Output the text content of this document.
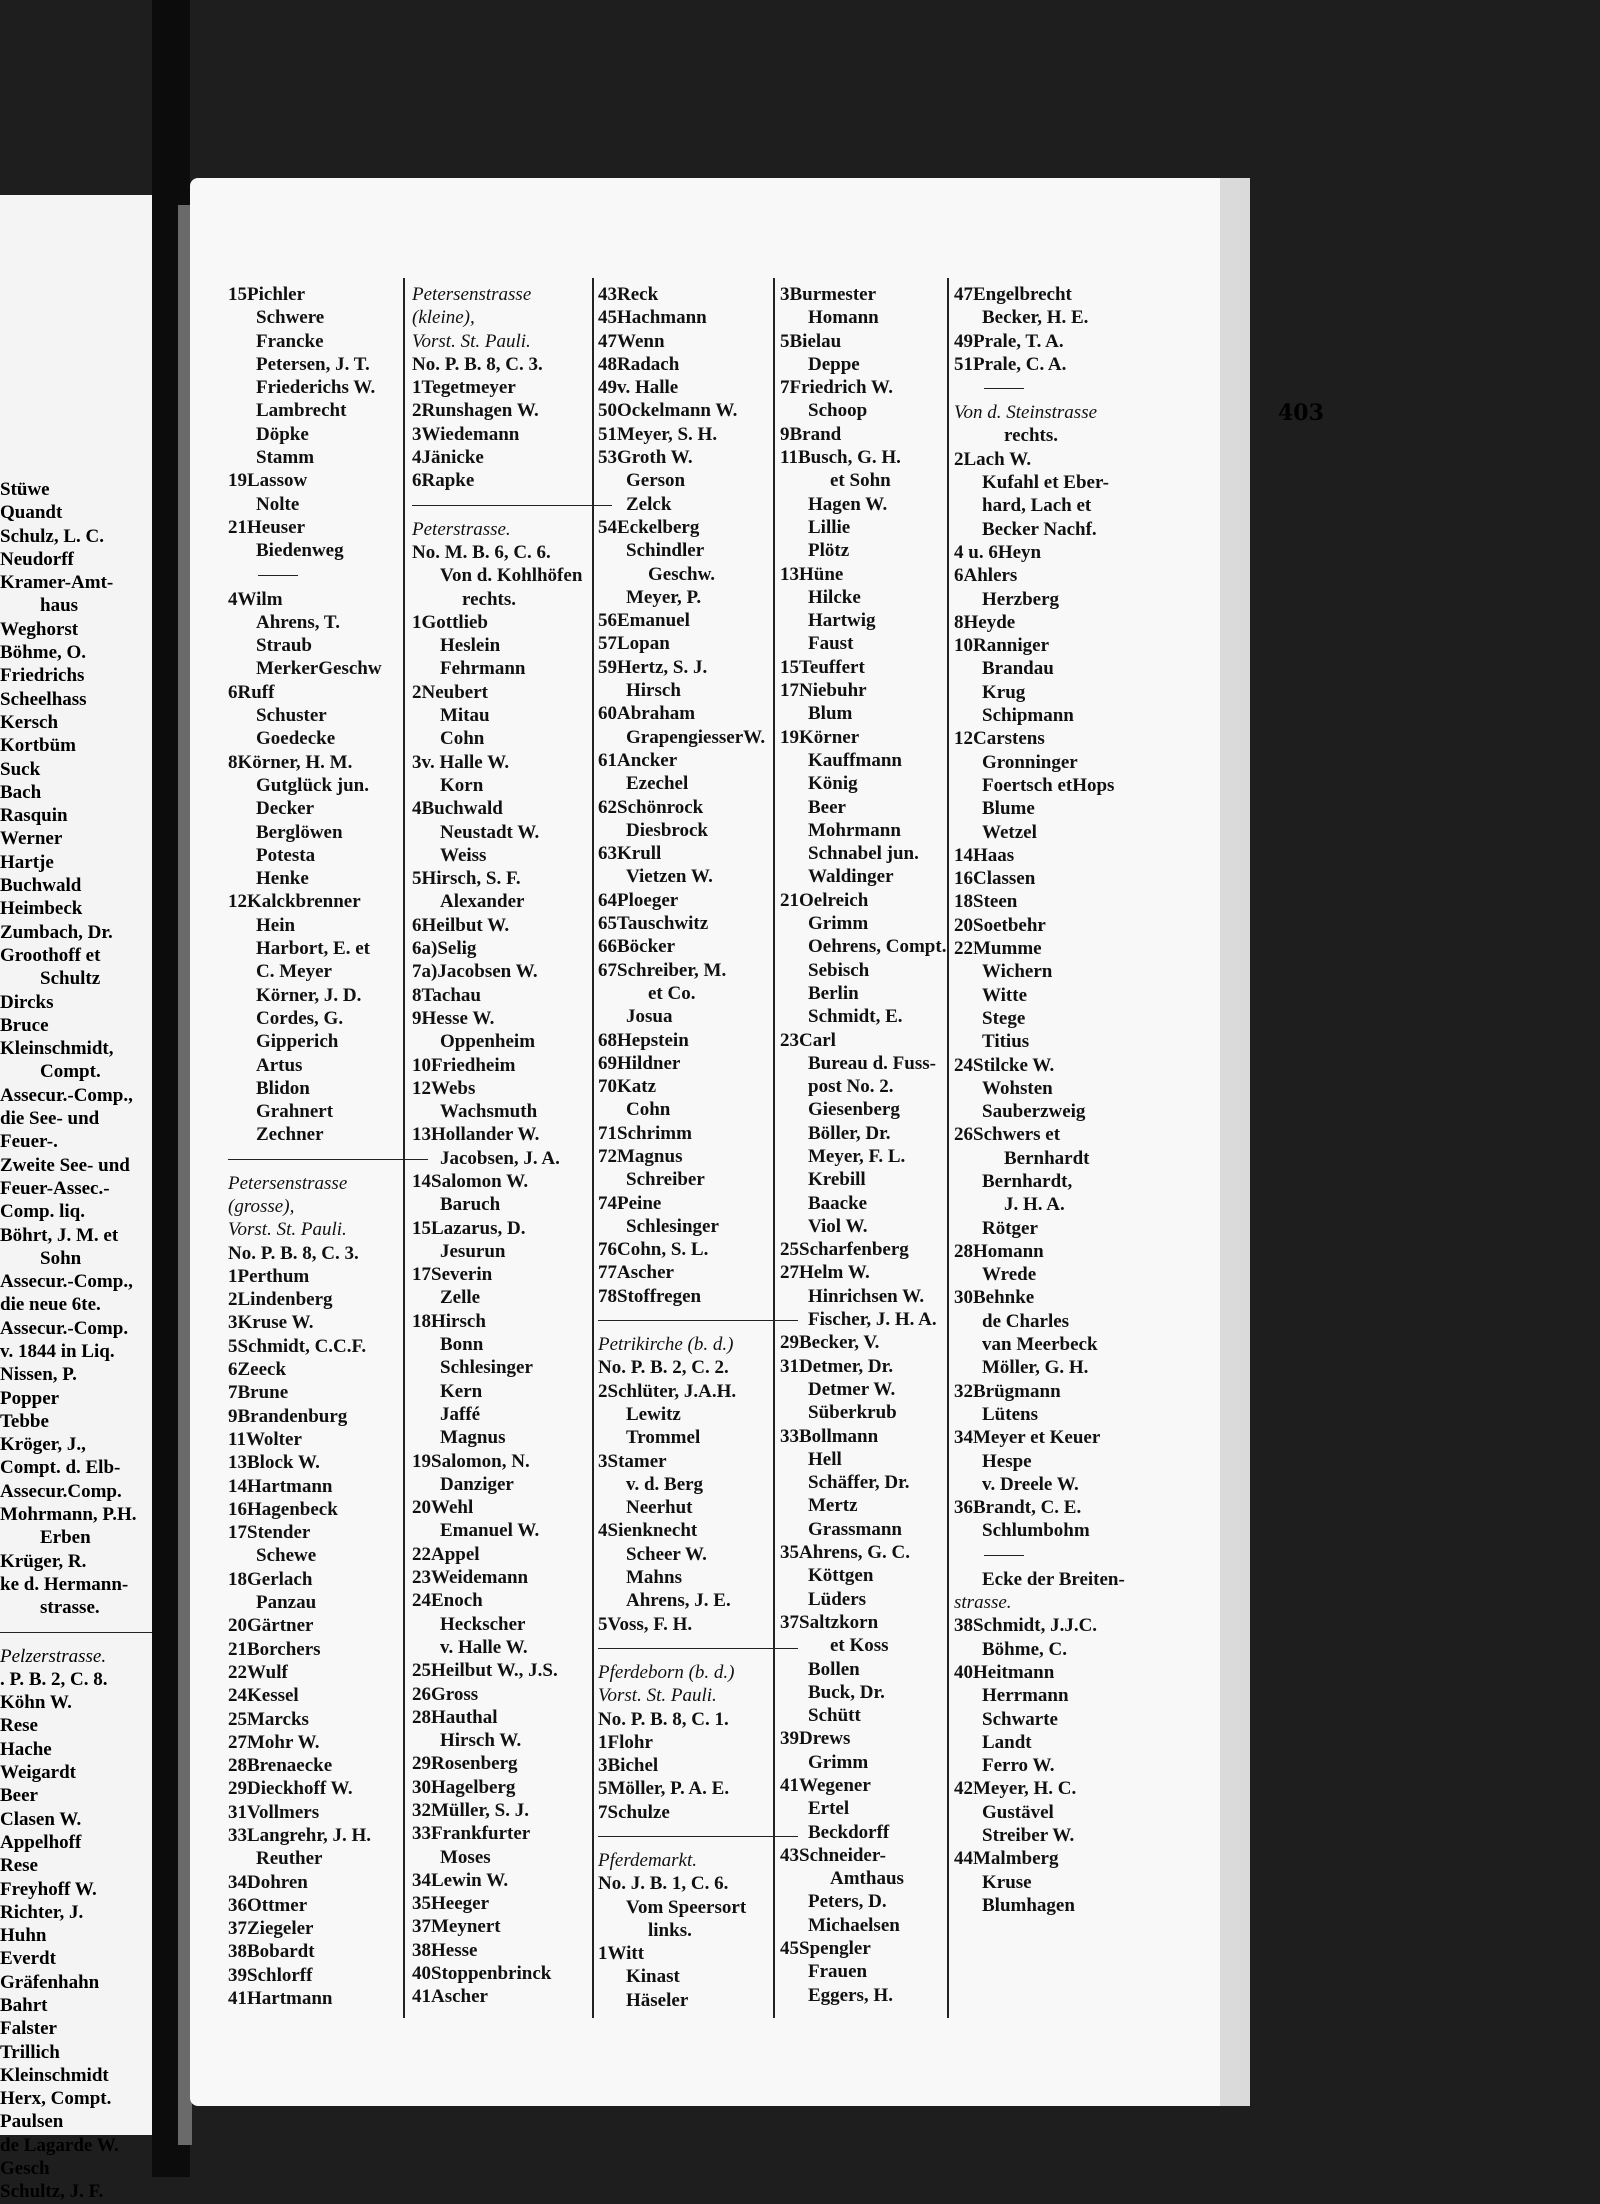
Stüwe
Quandt
Schulz, L. C.
Neudorff
Kramer-Amt-
haus
Weghorst
Böhme, O.
Friedrichs
Scheelhass
Kersch
Kortbüm
Suck
Bach
Rasquin
Werner
Hartje
Buchwald
Heimbeck
Zumbach, Dr.
Groothoff et
Schultz
Dircks
Bruce
Kleinschmidt,
Compt.
Assecur.-Comp.,
die See- und
Feuer-.
Zweite See- und
Feuer-Assec.-
Comp. liq.
Böhrt, J. M. et
Sohn
Assecur.-Comp.,
die neue 6te.
Assecur.-Comp.
v. 1844 in Liq.
Nissen, P.
Popper
Tebbe
Kröger, J.,
Compt. d. Elb-
Assecur.Comp.
Mohrmann, P.H.
Erben
Krüger, R.
ke d. Hermann-
strasse.
Pelzerstrasse.
. P. B. 2, C. 8.
Köhn W.
Rese
Hache
Weigardt
Beer
Clasen W.
Appelhoff
Rese
Freyhoff W.
Richter, J.
Huhn
Everdt
Gräfenhahn
Bahrt
Falster
Trillich
Kleinschmidt
Herx, Compt.
Paulsen
de Lagarde W.
Gesch
Schultz, J. F.
403
15Pichler
Schwere
Francke
Petersen, J. T.
Friederichs W.
Lambrecht
Döpke
Stamm
19Lassow
Nolte
21Heuser
Biedenweg
4Wilm
Ahrens, T.
Straub
MerkerGeschw
6Ruff
Schuster
Goedecke
8Körner, H. M.
Gutglück jun.
Decker
Berglöwen
Potesta
Henke
12Kalckbrenner
Hein
Harbort, E. et
C. Meyer
Körner, J. D.
Cordes, G.
Gipperich
Artus
Blidon
Grahnert
Zechner
Petersenstrasse
(grosse),
Vorst. St. Pauli.
No. P. B. 8, C. 3.
1Perthum
2Lindenberg
3Kruse W.
5Schmidt, C.C.F.
6Zeeck
7Brune
9Brandenburg
11Wolter
13Block W.
14Hartmann
16Hagenbeck
17Stender
Schewe
18Gerlach
Panzau
20Gärtner
21Borchers
22Wulf
24Kessel
25Marcks
27Mohr W.
28Brenaecke
29Dieckhoff W.
31Vollmers
33Langrehr, J. H.
Reuther
34Dohren
36Ottmer
37Ziegeler
38Bobardt
39Schlorff
41Hartmann
Petersenstrasse
(kleine),
Vorst. St. Pauli.
No. P. B. 8, C. 3.
1Tegetmeyer
2Runshagen W.
3Wiedemann
4Jänicke
6Rapke
Peterstrasse.
No. M. B. 6, C. 6.
Von d. Kohlhöfen
rechts.
1Gottlieb
Heslein
Fehrmann
2Neubert
Mitau
Cohn
3v. Halle W.
Korn
4Buchwald
Neustadt W.
Weiss
5Hirsch, S. F.
Alexander
6Heilbut W.
6a)Selig
7a)Jacobsen W.
8Tachau
9Hesse W.
Oppenheim
10Friedheim
12Webs
Wachsmuth
13Hollander W.
Jacobsen, J. A.
14Salomon W.
Baruch
15Lazarus, D.
Jesurun
17Severin
Zelle
18Hirsch
Bonn
Schlesinger
Kern
Jaffé
Magnus
19Salomon, N.
Danziger
20Wehl
Emanuel W.
22Appel
23Weidemann
24Enoch
Heckscher
v. Halle W.
25Heilbut W., J.S.
26Gross
28Hauthal
Hirsch W.
29Rosenberg
30Hagelberg
32Müller, S. J.
33Frankfurter
Moses
34Lewin W.
35Heeger
37Meynert
38Hesse
40Stoppenbrinck
41Ascher
43Reck
45Hachmann
47Wenn
48Radach
49v. Halle
50Ockelmann W.
51Meyer, S. H.
53Groth W.
Gerson
Zelck
54Eckelberg
Schindler
Geschw.
Meyer, P.
56Emanuel
57Lopan
59Hertz, S. J.
Hirsch
60Abraham
GrapengiesserW.
61Ancker
Ezechel
62Schönrock
Diesbrock
63Krull
Vietzen W.
64Ploeger
65Tauschwitz
66Böcker
67Schreiber, M.
et Co.
Josua
68Hepstein
69Hildner
70Katz
Cohn
71Schrimm
72Magnus
Schreiber
74Peine
Schlesinger
76Cohn, S. L.
77Ascher
78Stoffregen
Petrikirche (b. d.)
No. P. B. 2, C. 2.
2Schlüter, J.A.H.
Lewitz
Trommel
3Stamer
v. d. Berg
Neerhut
4Sienknecht
Scheer W.
Mahns
Ahrens, J. E.
5Voss, F. H.
Pferdeborn (b. d.)
Vorst. St. Pauli.
No. P. B. 8, C. 1.
1Flohr
3Bichel
5Möller, P. A. E.
7Schulze
Pferdemarkt.
No. J. B. 1, C. 6.
Vom Speersort
links.
1Witt
Kinast
Häseler
3Burmester
Homann
5Bielau
Deppe
7Friedrich W.
Schoop
9Brand
11Busch, G. H.
et Sohn
Hagen W.
Lillie
Plötz
13Hüne
Hilcke
Hartwig
Faust
15Teuffert
17Niebuhr
Blum
19Körner
Kauffmann
König
Beer
Mohrmann
Schnabel jun.
Waldinger
21Oelreich
Grimm
Oehrens, Compt.
Sebisch
Berlin
Schmidt, E.
23Carl
Bureau d. Fuss-
post No. 2.
Giesenberg
Böller, Dr.
Meyer, F. L.
Krebill
Baacke
Viol W.
25Scharfenberg
27Helm W.
Hinrichsen W.
Fischer, J. H. A.
29Becker, V.
31Detmer, Dr.
Detmer W.
Süberkrub
33Bollmann
Hell
Schäffer, Dr.
Mertz
Grassmann
35Ahrens, G. C.
Köttgen
Lüders
37Saltzkorn
et Koss
Bollen
Buck, Dr.
Schütt
39Drews
Grimm
41Wegener
Ertel
Beckdorff
43Schneider-
Amthaus
Peters, D.
Michaelsen
45Spengler
Frauen
Eggers, H.
47Engelbrecht
Becker, H. E.
49Prale, T. A.
51Prale, C. A.
Von d. Steinstrasse
rechts.
2Lach W.
Kufahl et Eber-
hard, Lach et
Becker Nachf.
4 u. 6Heyn
6Ahlers
Herzberg
8Heyde
10Ranniger
Brandau
Krug
Schipmann
12Carstens
Gronninger
Foertsch etHops
Blume
Wetzel
14Haas
16Classen
18Steen
20Soetbehr
22Mumme
Wichern
Witte
Stege
Titius
24Stilcke W.
Wohsten
Sauberzweig
26Schwers et
Bernhardt
Bernhardt,
J. H. A.
Rötger
28Homann
Wrede
30Behnke
de Charles
van Meerbeck
Möller, G. H.
32Brügmann
Lütens
34Meyer et Keuer
Hespe
v. Dreele W.
36Brandt, C. E.
Schlumbohm
Ecke der Breiten-
strasse.
38Schmidt, J.J.C.
Böhme, C.
40Heitmann
Herrmann
Schwarte
Landt
Ferro W.
42Meyer, H. C.
Gustävel
Streiber W.
44Malmberg
Kruse
Blumhagen
